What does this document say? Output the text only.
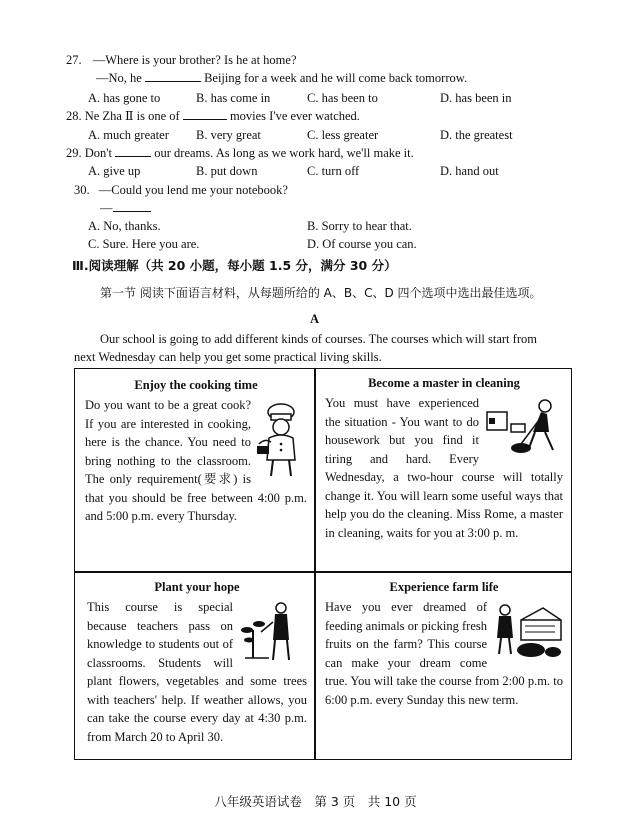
27. —Where is your brother? Is he at home?
—No, he	Beijing for a week and he will come back tomorrow.
A. has gone to	B. has come in	C. has been to	D. has been in
28. Ne Zha Ⅱ is one of	movies I've ever watched.
A. much greater B. very great	C. less greater	D. the greatest
29. Don't	our dreams. As long as we work hard, we'll make it.
A. give up	B. put down	C. turn off	D. hand out
30. —Could you lend me your notebook?
—
A. No, thanks.	B. Sorry to hear that.
C. Sure. Here you are.	D. Of course you can.
Ⅲ.阅读理解（共 20 小题，每小题 1.5 分，满分 30 分）
第一节 阅读下面语言材料，从每题所给的 A、B、C、D 四个选项中选出最佳选项。
A
Our school is going to add different kinds of courses. The courses which will start from
next Wednesday can help you get some practical living skills.
Enjoy the cooking time
Do you want to be a great cook? If you are interested in cooking, here is the chance. You need to bring nothing to the classroom. The only requirement(要求) is that you should be free between 4:00 p.m. and 5:00 p.m. every Thursday.
Become a master in cleaning
You must have experienced the situation - You want to do housework but you find it tiring and hard. Every Wednesday, a two-hour course will totally change it. You will learn some useful ways that help you do the cleaning. Miss Rome, a master in cleaning, waits for you at 3:00 p. m.
Plant your hope
This course is special because teachers pass on knowledge to students out of classrooms. Students will plant flowers, vegetables and some trees with teachers' help. If weather allows, you can take the course every day at 4:30 p.m. from March 20 to April 30.
Experience farm life
Have you ever dreamed of feeding animals or picking fresh fruits on the farm? This course can make your dream come true. You will take the course from 2:00 p.m. to 6:00 p.m. every Sunday this new term.
八年级英语试卷　第 3 页　共 10 页
